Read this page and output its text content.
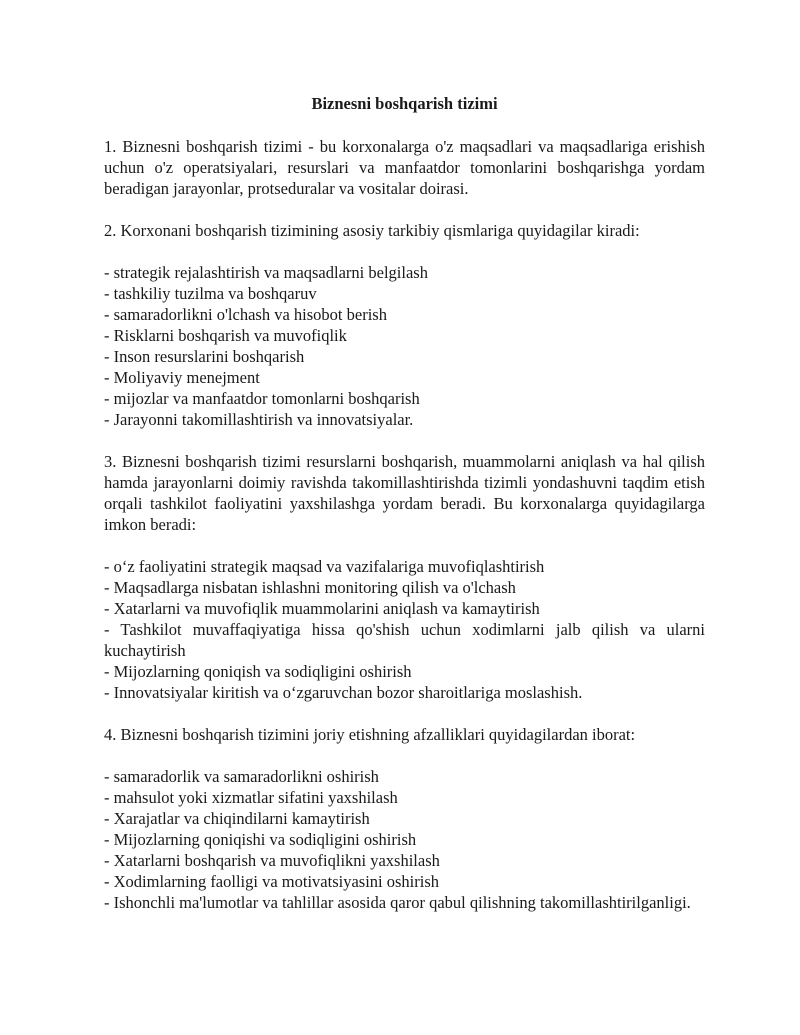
Biznesni boshqarish tizimi

1. Biznesni boshqarish tizimi - bu korxonalarga o'z maqsadlari va maqsadlariga erishish uchun o'z operatsiyalari, resurslari va manfaatdor tomonlarini boshqarishga yordam beradigan jarayonlar, protseduralar va vositalar doirasi.

2. Korxonani boshqarish tizimining asosiy tarkibiy qismlariga quyidagilar kiradi:

- strategik rejalashtirish va maqsadlarni belgilash
- tashkiliy tuzilma va boshqaruv
- samaradorlikni o'lchash va hisobot berish
- Risklarni boshqarish va muvofiqlik
- Inson resurslarini boshqarish
- Moliyaviy menejment
- mijozlar va manfaatdor tomonlarni boshqarish
- Jarayonni takomillashtirish va innovatsiyalar.

3. Biznesni boshqarish tizimi resurslarni boshqarish, muammolarni aniqlash va hal qilish hamda jarayonlarni doimiy ravishda takomillashtirishda tizimli yondashuvni taqdim etish orqali tashkilot faoliyatini yaxshilashga yordam beradi. Bu korxonalarga quyidagilarga imkon beradi:

- o‘z faoliyatini strategik maqsad va vazifalariga muvofiqlashtirish
- Maqsadlarga nisbatan ishlashni monitoring qilish va o'lchash
- Xatarlarni va muvofiqlik muammolarini aniqlash va kamaytirish
- Tashkilot muvaffaqiyatiga hissa qo'shish uchun xodimlarni jalb qilish va ularni kuchaytirish
- Mijozlarning qoniqish va sodiqligini oshirish
- Innovatsiyalar kiritish va o‘zgaruvchan bozor sharoitlariga moslashish.

4. Biznesni boshqarish tizimini joriy etishning afzalliklari quyidagilardan iborat:

- samaradorlik va samaradorlikni oshirish
- mahsulot yoki xizmatlar sifatini yaxshilash
- Xarajatlar va chiqindilarni kamaytirish
- Mijozlarning qoniqishi va sodiqligini oshirish
- Xatarlarni boshqarish va muvofiqlikni yaxshilash
- Xodimlarning faolligi va motivatsiyasini oshirish
- Ishonchli ma'lumotlar va tahlillar asosida qaror qabul qilishning takomillashtirilganligi.
